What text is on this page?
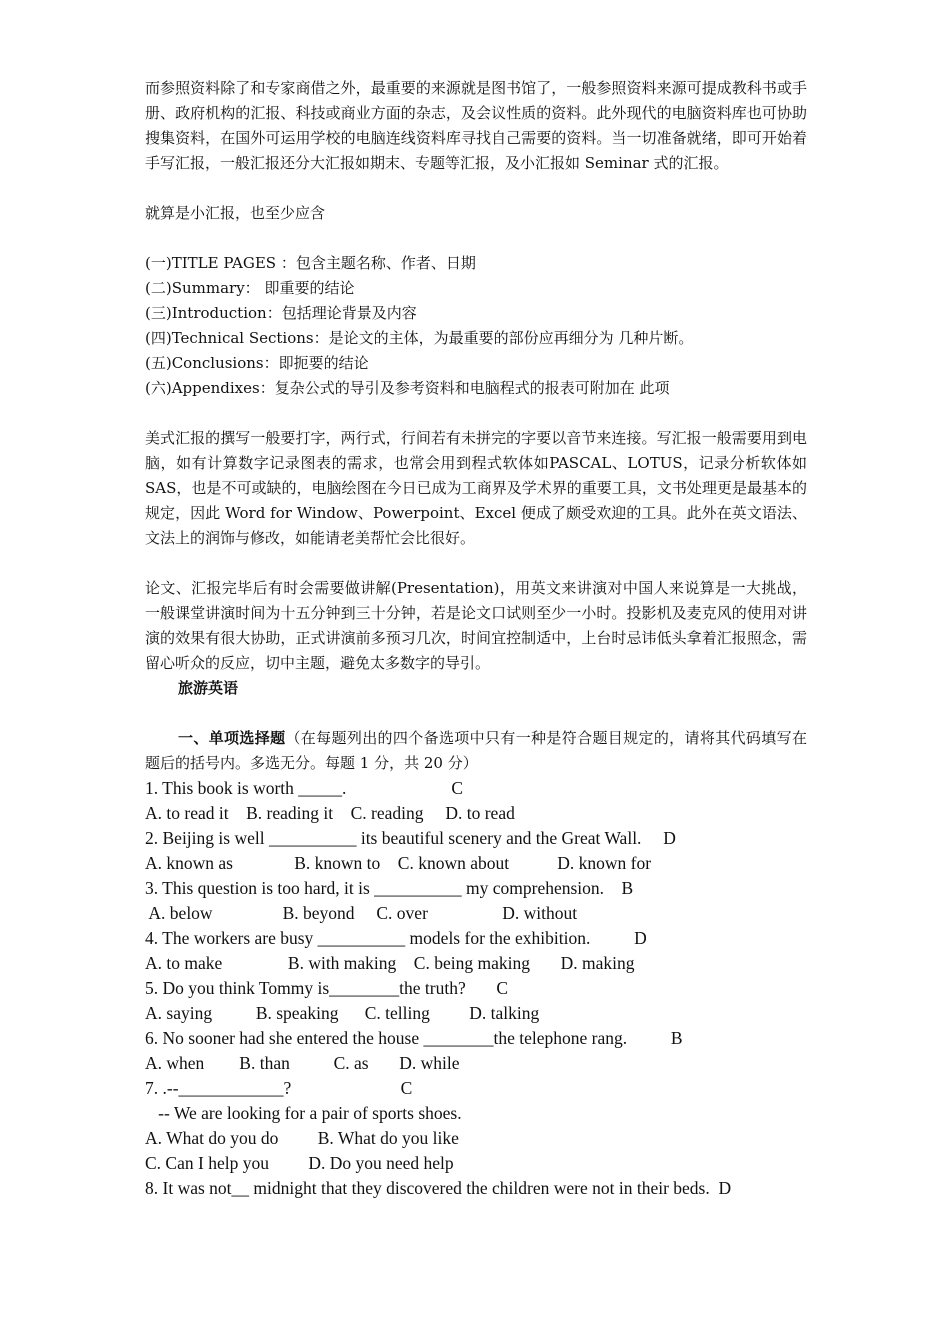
而参照资料除了和专家商借之外，最重要的来源就是图书馆了，一般参照资料来源可提成教科书或手册、政府机构的汇报、科技或商业方面的杂志，及会议性质的资料。此外现代的电脑资料库也可协助搜集资料，在国外可运用学校的电脑连线资料库寻找自己需要的资料。当一切准备就绪，即可开始着手写汇报，一般汇报还分大汇报如期末、专题等汇报，及小汇报如 Seminar 式的汇报。

就算是小汇报，也至少应含

(一)TITLE PAGES ：包含主题名称、作者、日期

(二)Summary： 即重要的结论

(三)Introduction：包括理论背景及内容

(四)Technical Sections：是论文的主体，为最重要的部份应再细分为 几种片断。

(五)Conclusions：即扼要的结论

(六)Appendixes：复杂公式的导引及参考资料和电脑程式的报表可附加在 此项

美式汇报的撰写一般要打字，两行式，行间若有未拼完的字要以音节来连接。写汇报一般需要用到电脑，如有计算数字记录图表的需求，也常会用到程式软体如PASCAL、LOTUS，记录分析软体如 SAS，也是不可或缺的，电脑绘图在今日已成为工商界及学术界的重要工具，文书处理更是最基本的规定，因此 Word for Window、Powerpoint、Excel 便成了颇受欢迎的工具。此外在英文语法、文法上的润饰与修改，如能请老美帮忙会比很好。

论文、汇报完毕后有时会需要做讲解(Presentation)，用英文来讲演对中国人来说算是一大挑战，一般课堂讲演时间为十五分钟到三十分钟，若是论文口试则至少一小时。投影机及麦克风的使用对讲演的效果有很大协助，正式讲演前多预习几次，时间宜控制适中，上台时忌讳低头拿着汇报照念，需留心听众的反应，切中主题，避免太多数字的导引。

旅游英语

一、单项选择题（在每题列出的四个备选项中只有一种是符合题目规定的，请将其代码填写在题后的括号内。多选无分。每题 1 分，共 20 分）

1. This book is worth _____.                        C

A. to read it    B. reading it    C. reading     D. to read

2. Beijing is well __________ its beautiful scenery and the Great Wall.     D

A. known as              B. known to    C. known about           D. known for

3. This question is too hard, it is __________ my comprehension.    B

A. below                B. beyond     C. over                 D. without

4. The workers are busy __________ models for the exhibition.          D

A. to make               B. with making    C. being making       D. making

5. Do you think Tommy is________the truth?       C

A. saying          B. speaking      C. telling         D. talking

6. No sooner had she entered the house ________the telephone rang.          B

A. when        B. than          C. as       D. while

7. .--____________?                         C

-- We are looking for a pair of sports shoes.

A. What do you do         B. What do you like

C. Can I help you         D. Do you need help

8. It was not__ midnight that they discovered the children were not in their beds.  D
